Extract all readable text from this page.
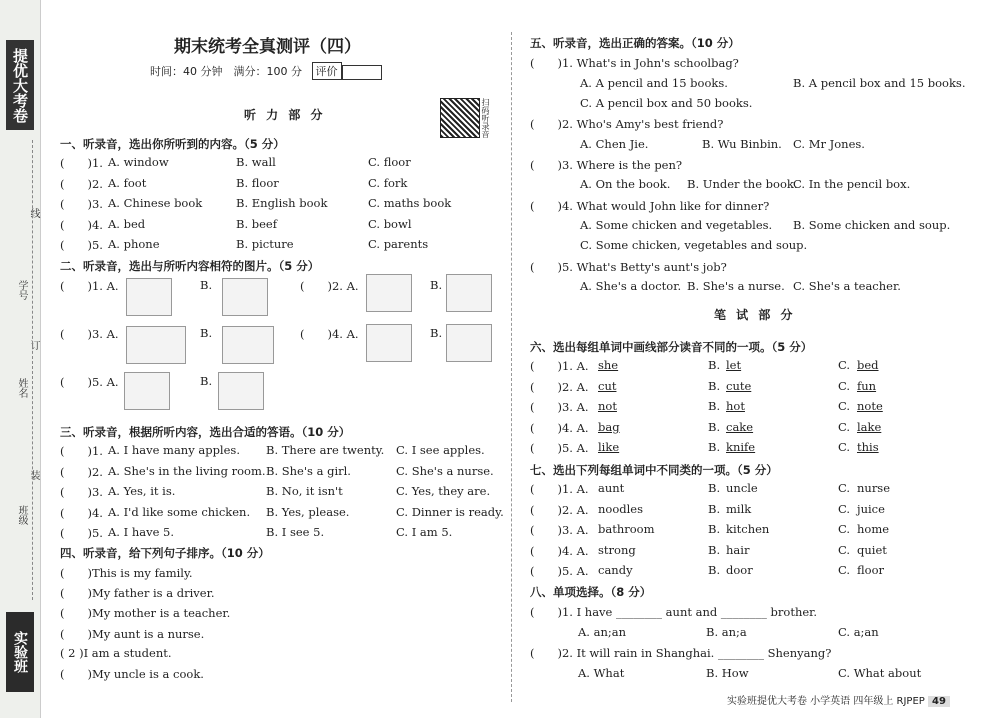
提优大考卷
学号
姓名
班级
线
订
装
实验班
期末统考全真测评（四）
时间：40 分钟　满分：100 分 评价
扫码听录音
听 力 部 分
一、听录音，选出你所听到的内容。（5 分）
(　　)1. A. window	B. wall	C. floor
(　　)2. A. foot	B. floor	C. fork
(　　)3. A. Chinese book	B. English book	C. maths book
(　　)4. A. bed	B. beef	C. bowl
(　　)5. A. phone	B. picture	C. parents
二、听录音，选出与所听内容相符的图片。（5 分）
(　　)1. A.	B.	(　　)2. A.	B.
(　　)3. A.	B.	(　　)4. A.	B.
(　　)5. A.	B.
三、听录音，根据所听内容，选出合适的答语。（10 分）
(　　)1. A. I have many apples. B. There are twenty. C. I see apples.
(　　)2. A. She's in the living room. B. She's a girl.	C. She's a nurse.
(　　)3. A. Yes, it is.	B. No, it isn't	C. Yes, they are.
(　　)4. A. I'd like some chicken. B. Yes, please.	C. Dinner is ready.
(　　)5. A. I have 5.	B. I see 5.	C. I am 5.
四、听录音，给下列句子排序。（10 分）
(　　)This is my family.
(　　)My father is a driver.
(　　)My mother is a teacher.
(　　)My aunt is a nurse.
( 2 )I am a student.
(　　)My uncle is a cook.
五、听录音，选出正确的答案。（10 分）
(　　)1. What's in John's schoolbag?
A. A pencil and 15 books.	B. A pencil box and 15 books.
C. A pencil box and 50 books.
(　　)2. Who's Amy's best friend?
A. Chen Jie.	B. Wu Binbin. C. Mr Jones.
(　　)3. Where is the pen?
A. On the book. B. Under the book.
C. In the pencil box.
(　　)4. What would John like for dinner?
A. Some chicken and vegetables. B. Some chicken and soup.
C. Some chicken, vegetables and soup.
(　　)5. What's Betty's aunt's job?
A. She's a doctor. B. She's a nurse. C. She's a teacher.
笔 试 部 分
六、选出每组单词中画线部分读音不同的一项。（5 分）
(　　)1. A. she	B. let	C. bed
(　　)2. A. cut	B. cute	C. fun
(　　)3. A. not	B. hot	C. note
(　　)4. A. bag	B. cake	C. lake
(　　)5. A. like	B. knife	C. this
七、选出下列每组单词中不同类的一项。（5 分）
(　　)1. A. aunt	B. uncle	C. nurse
(　　)2. A. noodles	B. milk	C. juice
(　　)3. A. bathroom	B. kitchen	C. home
(　　)4. A. strong	B. hair	C. quiet
(　　)5. A. candy	B. door	C. floor
八、单项选择。（8 分）
(　　)1. I have ________ aunt and ________ brother.
A. an;an	B. an;a	C. a;an
(　　)2. It will rain in Shanghai. ________ Shenyang?
A. What	B. How	C. What about
实验班提优大考卷 小学英语 四年级上 RJPEP 49
